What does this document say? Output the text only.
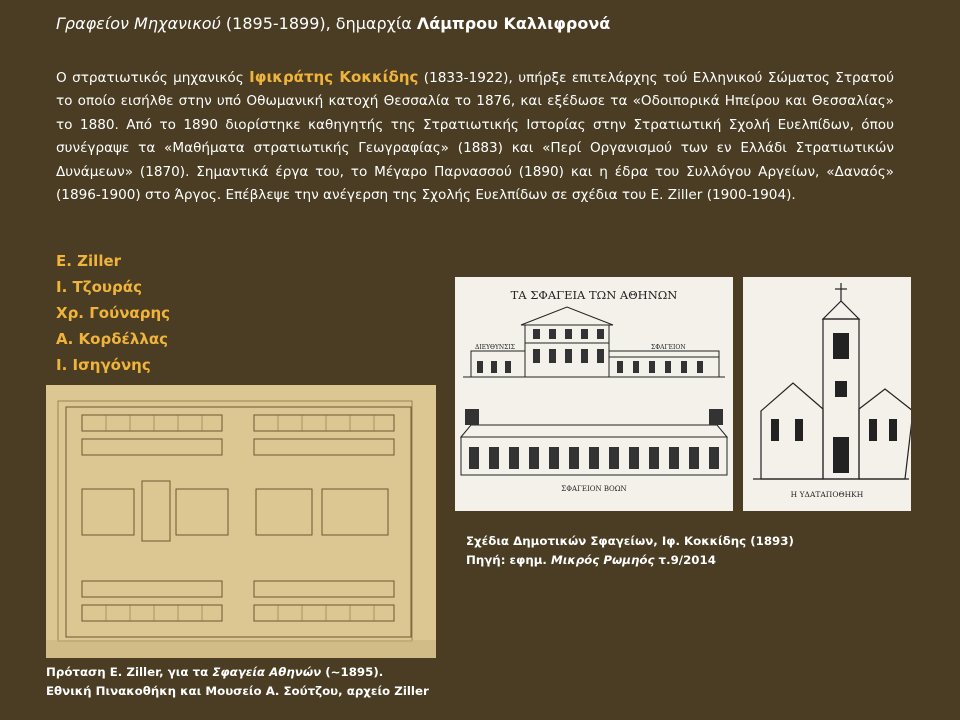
Γραφείον Μηχανικού (1895-1899), δημαρχία Λάμπρου Καλλιφρονά
Ο στρατιωτικός μηχανικός Ιφικράτης Κοκκίδης (1833-1922), υπήρξε επιτελάρχης τού Ελληνικού Σώματος Στρατού το οποίο εισήλθε στην υπό Οθωμανική κατοχή Θεσσαλία το 1876, και εξέδωσε τα «Οδοιπορικά Ηπείρου και Θεσσαλίας» το 1880. Από το 1890 διορίστηκε καθηγητής της Στρατιωτικής Ιστορίας στην Στρατιωτική Σχολή Ευελπίδων, όπου συνέγραψε τα «Μαθήματα στρατιωτικής Γεωγραφίας» (1883) και «Περί Οργανισμού των εν Ελλάδι Στρατιωτικών Δυνάμεων» (1870). Σημαντικά έργα του, το Μέγαρο Παρνασσού (1890) και η έδρα του Συλλόγου Αργείων, «Δαναός» (1896-1900) στο Άργος. Επέβλεψε την ανέγερση της Σχολής Ευελπίδων σε σχέδια του Ε. Ziller (1900-1904).
E. Ziller
Ι. Τζουράς
Χρ. Γούναρης
Α. Κορδέλλας
Ι. Ισηγόνης
ΤΑ ΣΦΑΓΕΙΑ ΤΩΝ ΑΘΗΝΩΝ
ΔΙΕΥΘΥΝΣΙΣ	ΣΦΑΓΕΙΟΝ
ΣΦΑΓΕΙΟΝ ΒΟΩΝ
Η ΥΔΑΤΑΠΟΘΗΚΗ
Σχέδια Δημοτικών Σφαγείων, Ιφ. Κοκκίδης (1893)
Πηγή: εφημ. Μικρός Ρωμηός τ.9/2014
Πρόταση Ε. Ziller, για τα Σφαγεία Αθηνών (~1895).
Εθνική Πινακοθήκη και Μουσείο Α. Σούτζου, αρχείο Ziller
